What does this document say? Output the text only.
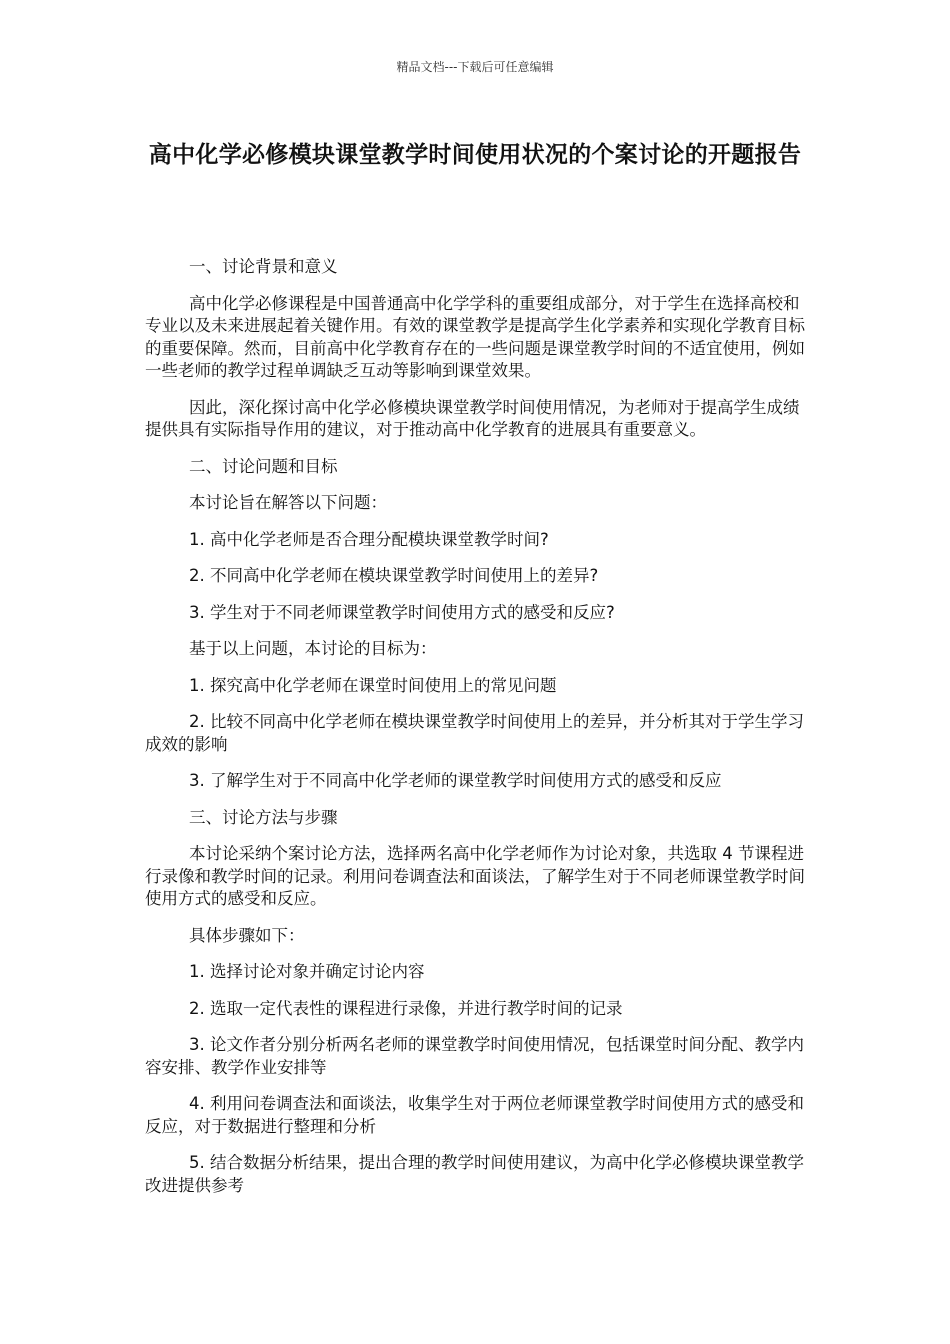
精品文档---下载后可任意编辑
高中化学必修模块课堂教学时间使用状况的个案讨论的开题报告

一、讨论背景和意义

高中化学必修课程是中国普通高中化学学科的重要组成部分，对于学生在选择高校和专业以及未来进展起着关键作用。有效的课堂教学是提高学生化学素养和实现化学教育目标的重要保障。然而，目前高中化学教育存在的一些问题是课堂教学时间的不适宜使用，例如一些老师的教学过程单调缺乏互动等影响到课堂效果。

因此，深化探讨高中化学必修模块课堂教学时间使用情况，为老师对于提高学生成绩提供具有实际指导作用的建议，对于推动高中化学教育的进展具有重要意义。

二、讨论问题和目标

本讨论旨在解答以下问题：

1. 高中化学老师是否合理分配模块课堂教学时间?

2. 不同高中化学老师在模块课堂教学时间使用上的差异?

3. 学生对于不同老师课堂教学时间使用方式的感受和反应?

基于以上问题，本讨论的目标为：

1. 探究高中化学老师在课堂时间使用上的常见问题

2. 比较不同高中化学老师在模块课堂教学时间使用上的差异，并分析其对于学生学习成效的影响

3. 了解学生对于不同高中化学老师的课堂教学时间使用方式的感受和反应

三、讨论方法与步骤

本讨论采纳个案讨论方法，选择两名高中化学老师作为讨论对象，共选取 4 节课程进行录像和教学时间的记录。利用问卷调查法和面谈法，了解学生对于不同老师课堂教学时间使用方式的感受和反应。

具体步骤如下：

1. 选择讨论对象并确定讨论内容

2. 选取一定代表性的课程进行录像，并进行教学时间的记录

3. 论文作者分别分析两名老师的课堂教学时间使用情况，包括课堂时间分配、教学内容安排、教学作业安排等

4. 利用问卷调查法和面谈法，收集学生对于两位老师课堂教学时间使用方式的感受和反应，对于数据进行整理和分析

5. 结合数据分析结果，提出合理的教学时间使用建议，为高中化学必修模块课堂教学改进提供参考
